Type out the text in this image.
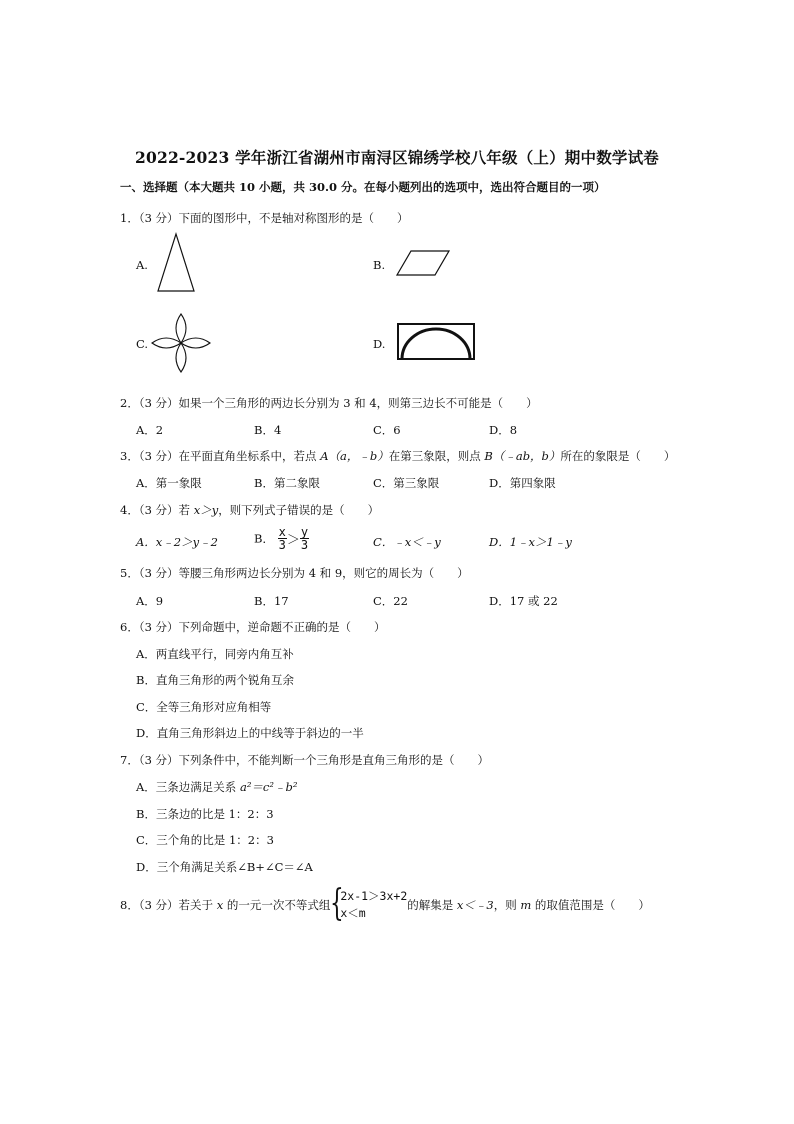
2022-2023 学年浙江省湖州市南浔区锦绣学校八年级（上）期中数学试卷
一、选择题（本大题共 10 小题，共 30.0 分。在每小题列出的选项中，选出符合题目的一项）
1．（3 分）下面的图形中，不是轴对称图形的是（　　）
A.	B.
C.	D.
2．（3 分）如果一个三角形的两边长分别为 3 和 4，则第三边长不可能是（　　）
A．2	B．4	C．6	D．8
3．（3 分）在平面直角坐标系中，若点 A（a，﹣b）在第三象限，则点 B（﹣ab，b）所在的象限是（　　）
A．第一象限	B．第二象限	C．第三象限	D．第四象限
4．（3 分）若 x＞y，则下列式子错误的是（　　）
A．x﹣2＞y﹣2	B． $\frac{x}{3} > \frac{y}{3}$	C．﹣x＜﹣y	D．1﹣x＞1﹣y
5．（3 分）等腰三角形两边长分别为 4 和 9，则它的周长为（　　）
A．9	B．17	C．22	D．17 或 22
6．（3 分）下列命题中，逆命题不正确的是（　　）
A．两直线平行，同旁内角互补
B．直角三角形的两个锐角互余
C．全等三角形对应角相等
D．直角三角形斜边上的中线等于斜边的一半
7．（3 分）下列条件中，不能判断一个三角形是直角三角形的是（　　）
A．三条边满足关系 a²＝c²﹣b²
B．三条边的比是 1：2：3
C．三个角的比是 1：2：3
D．三个角满足关系∠B+∠C＝∠A
8．（3 分）若关于 x 的一元一次不等式组 {
2x-1＞3x+2
x＜m
的解集是 x＜﹣3，则 m 的取值范围是（　　）
